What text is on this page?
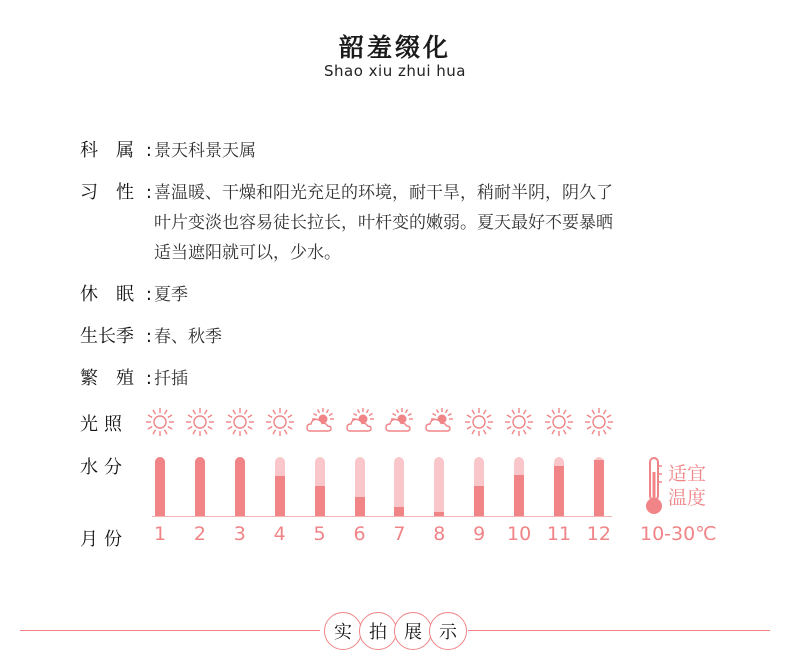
韶羞缀化
Shao xiu zhui hua
科　属 : 景天科景天属
习　性 : 喜温暖、干燥和阳光充足的环境，耐干旱，稍耐半阴，阴久了
叶片变淡也容易徒长拉长，叶杆变的嫩弱。夏天最好不要暴晒
适当遮阳就可以，少水。
休　眠 : 夏季
生长季 : 春、秋季
繁　殖 : 扦插
光照
水分
月份	1	2	3	4	5	6	7	8	9	10 11 12
适宜
温度
10-30℃
实 拍 展 示
